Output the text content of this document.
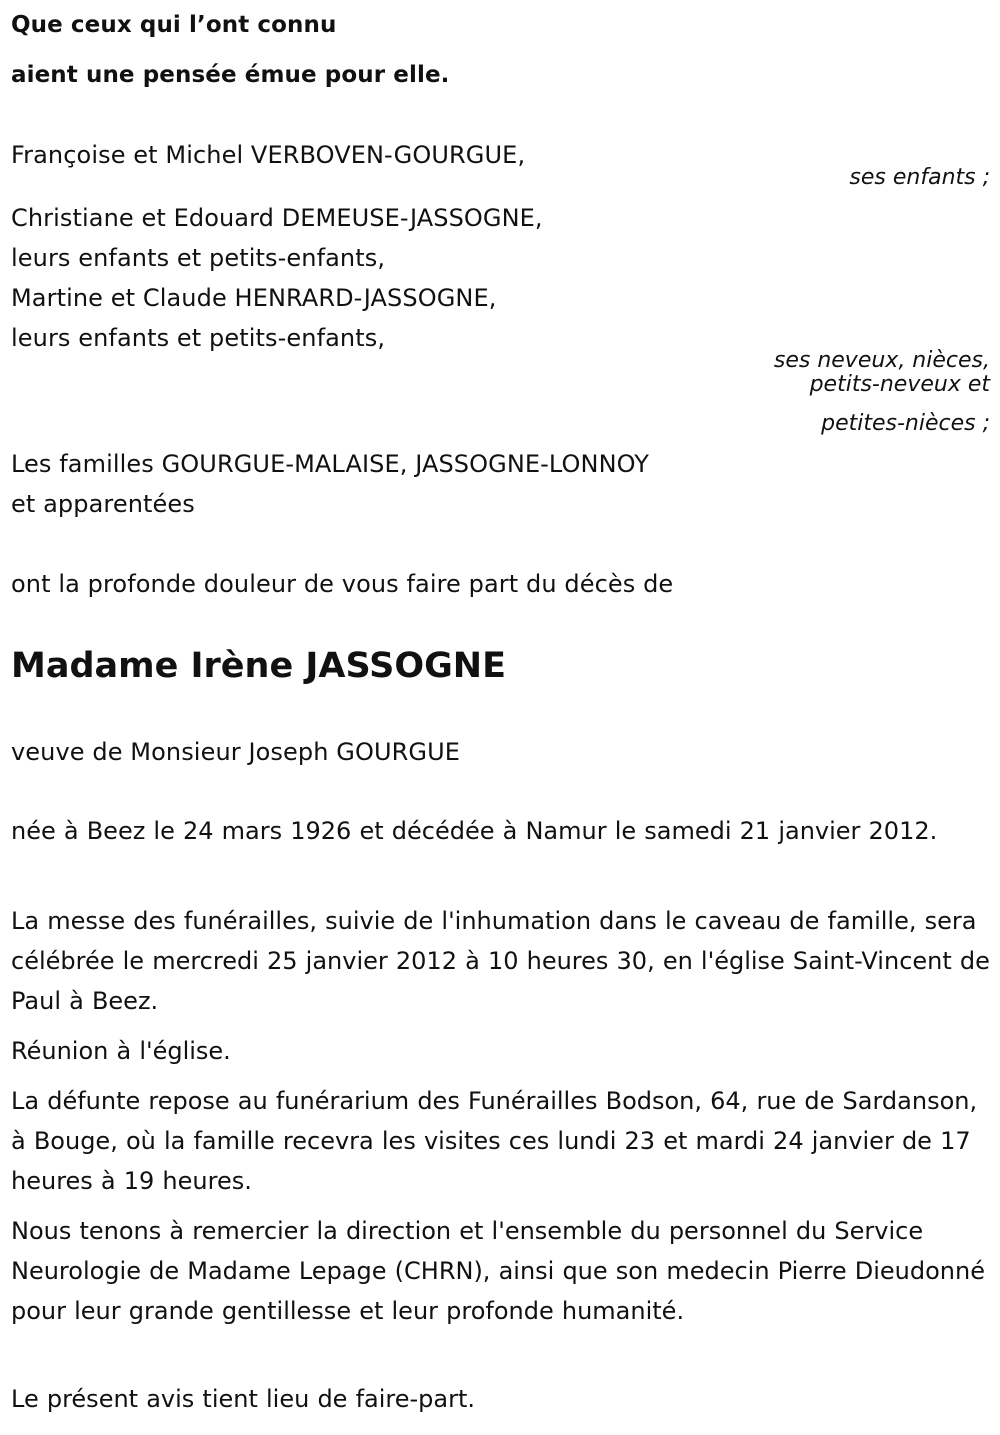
Que ceux qui l’ont connu
aient une pensée émue pour elle.
Françoise et Michel VERBOVEN-GOURGUE,
ses enfants ;
Christiane et Edouard DEMEUSE-JASSOGNE,
leurs enfants et petits-enfants,
Martine et Claude HENRARD-JASSOGNE,
leurs enfants et petits-enfants,
ses neveux, nièces,
petits-neveux et
petites-nièces ;
Les familles GOURGUE-MALAISE, JASSOGNE-LONNOY
et apparentées
ont la profonde douleur de vous faire part du décès de
Madame Irène JASSOGNE
veuve de Monsieur Joseph GOURGUE
née à Beez le 24 mars 1926 et décédée à Namur le samedi 21 janvier 2012.
La messe des funérailles, suivie de l'inhumation dans le caveau de famille, sera célébrée le mercredi 25 janvier 2012 à 10 heures 30, en l'église Saint-Vincent de Paul à Beez.
Réunion à l'église.
La défunte repose au funérarium des Funérailles Bodson, 64, rue de Sardanson, à Bouge, où la famille recevra les visites ces lundi 23 et mardi 24 janvier de 17 heures à 19 heures.
Nous tenons à remercier la direction et l'ensemble du personnel du Service Neurologie de Madame Lepage (CHRN), ainsi que son medecin Pierre Dieudonné pour leur grande gentillesse et leur profonde humanité.
Le présent avis tient lieu de faire-part.
